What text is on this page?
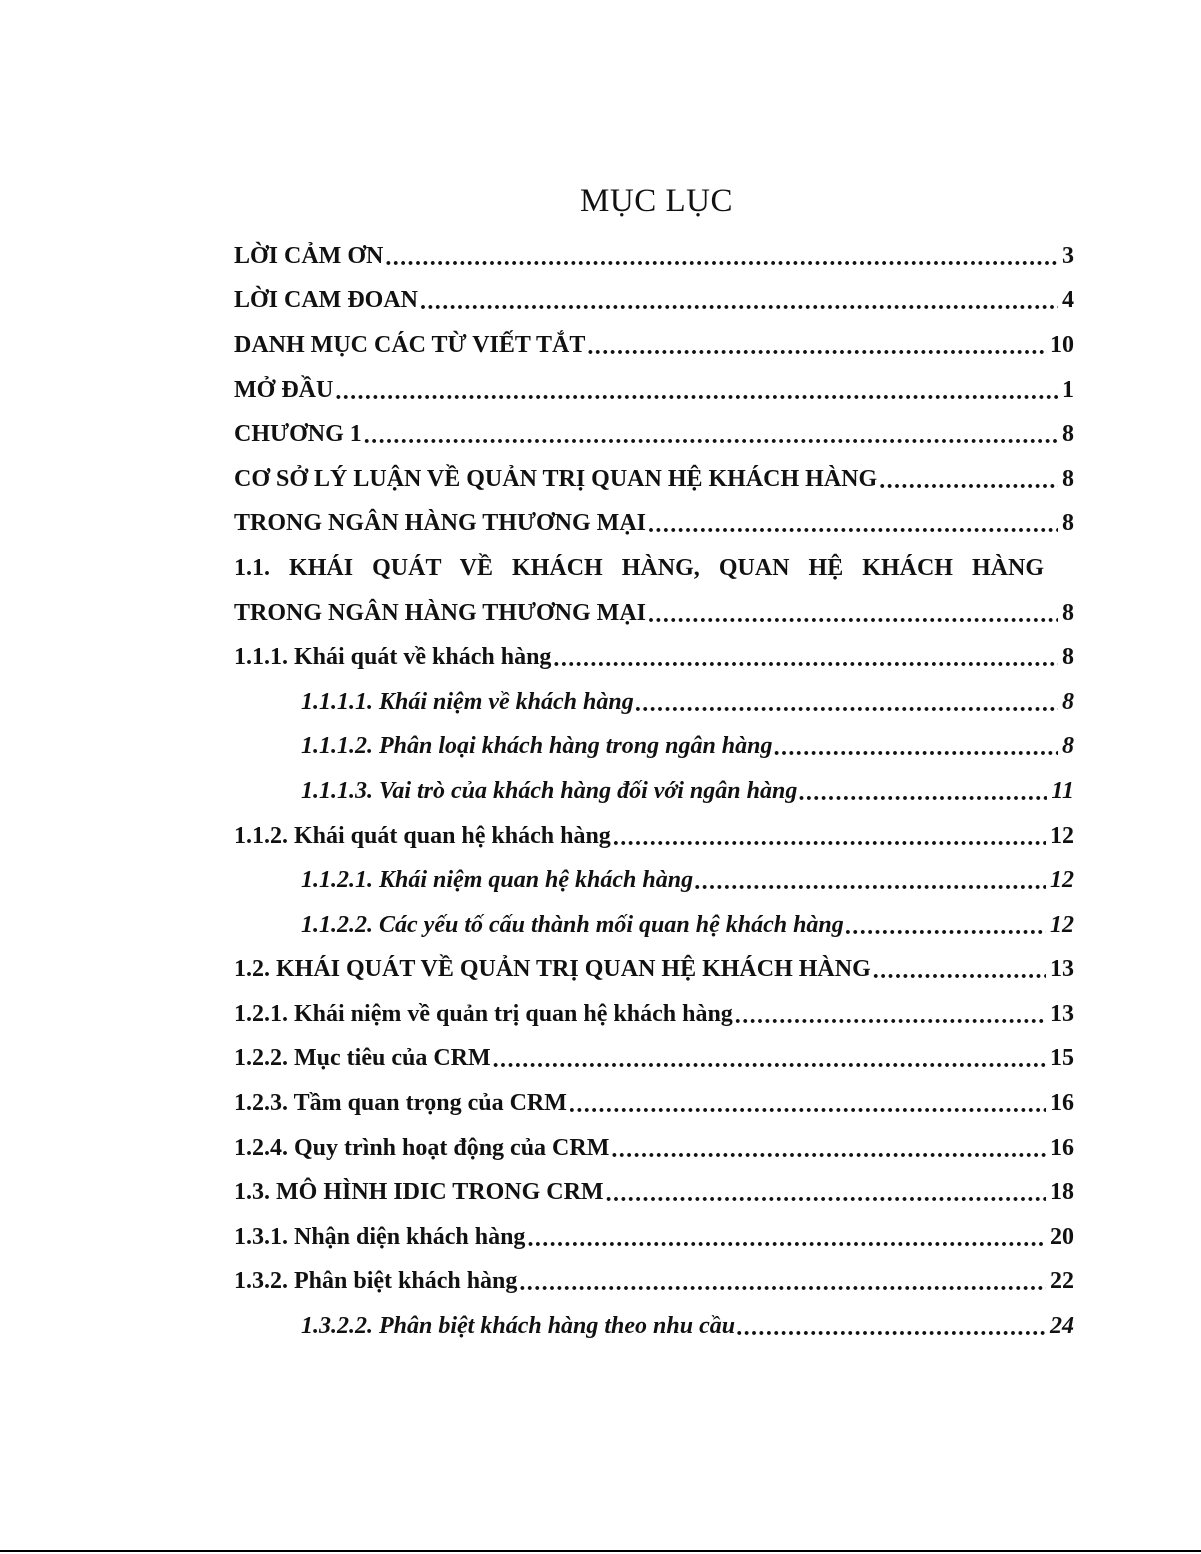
MỤC LỤC
LỜI CẢM ƠN .....	3
LỜI CAM ĐOAN .....	4
DANH MỤC CÁC TỪ VIẾT TẮT .....	10
MỞ ĐẦU .....	1
CHƯƠNG 1 .....	8
CƠ SỞ LÝ LUẬN VỀ QUẢN TRỊ QUAN HỆ KHÁCH HÀNG .....	8
TRONG NGÂN HÀNG THƯƠNG MẠI .....	8
1.1. KHÁI QUÁT VỀ KHÁCH HÀNG, QUAN HỆ KHÁCH HÀNG
TRONG NGÂN HÀNG THƯƠNG MẠI .....	8
1.1.1. Khái quát về khách hàng .....	8
1.1.1.1. Khái niệm về khách hàng .....	8
1.1.1.2. Phân loại khách hàng trong ngân hàng .....	8
1.1.1.3. Vai trò của khách hàng đối với ngân hàng .....	11
1.1.2. Khái quát quan hệ khách hàng .....	12
1.1.2.1. Khái niệm quan hệ khách hàng .....	12
1.1.2.2. Các yếu tố cấu thành mối quan hệ khách hàng .....	12
1.2. KHÁI QUÁT VỀ QUẢN TRỊ QUAN HỆ KHÁCH HÀNG .....	13
1.2.1. Khái niệm về quản trị quan hệ khách hàng .....	13
1.2.2. Mục tiêu của CRM .....	15
1.2.3. Tầm quan trọng của CRM .....	16
1.2.4. Quy trình hoạt động của CRM .....	16
1.3. MÔ HÌNH IDIC TRONG CRM .....	18
1.3.1. Nhận diện khách hàng .....	20
1.3.2. Phân biệt khách hàng .....	22
1.3.2.2. Phân biệt khách hàng theo nhu cầu .....	24
